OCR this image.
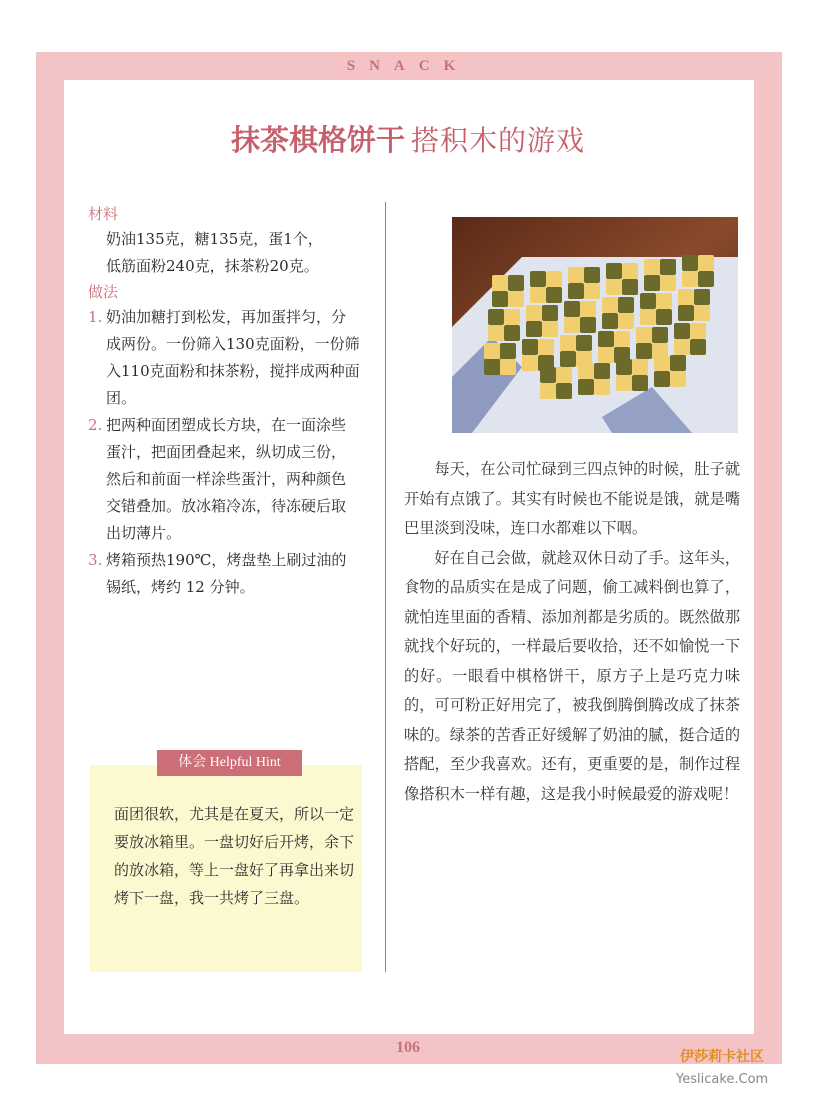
SNACK
抹茶棋格饼干 搭积木的游戏
材料
奶油135克，糖135克，蛋1个，
低筋面粉240克，抹茶粉20克。
做法
1. 奶油加糖打到松发，再加蛋拌匀，分成两份。一份筛入130克面粉，一份筛入110克面粉和抹茶粉，搅拌成两种面团。
2. 把两种面团塑成长方块，在一面涂些蛋汁，把面团叠起来，纵切成三份，然后和前面一样涂些蛋汁，两种颜色交错叠加。放冰箱冷冻，待冻硬后取出切薄片。
3. 烤箱预热190℃，烤盘垫上刷过油的锡纸，烤约 12 分钟。
体会 Helpful Hint
面团很软，尤其是在夏天，所以一定要放冰箱里。一盘切好后开烤，余下的放冰箱，等上一盘好了再拿出来切烤下一盘，我一共烤了三盘。

每天，在公司忙碌到三四点钟的时候，肚子就开始有点饿了。其实有时候也不能说是饿，就是嘴巴里淡到没味，连口水都难以下咽。

好在自己会做，就趁双休日动了手。这年头，食物的品质实在是成了问题，偷工减料倒也算了，就怕连里面的香精、添加剂都是劣质的。既然做那就找个好玩的，一样最后要收拾，还不如愉悦一下的好。一眼看中棋格饼干，原方子上是巧克力味的，可可粉正好用完了，被我倒腾倒腾改成了抹茶味的。绿茶的苦香正好缓解了奶油的腻，挺合适的搭配，至少我喜欢。还有，更重要的是，制作过程像搭积木一样有趣，这是我小时候最爱的游戏呢！

106
伊莎莉卡社区
Yeslicake.Com
